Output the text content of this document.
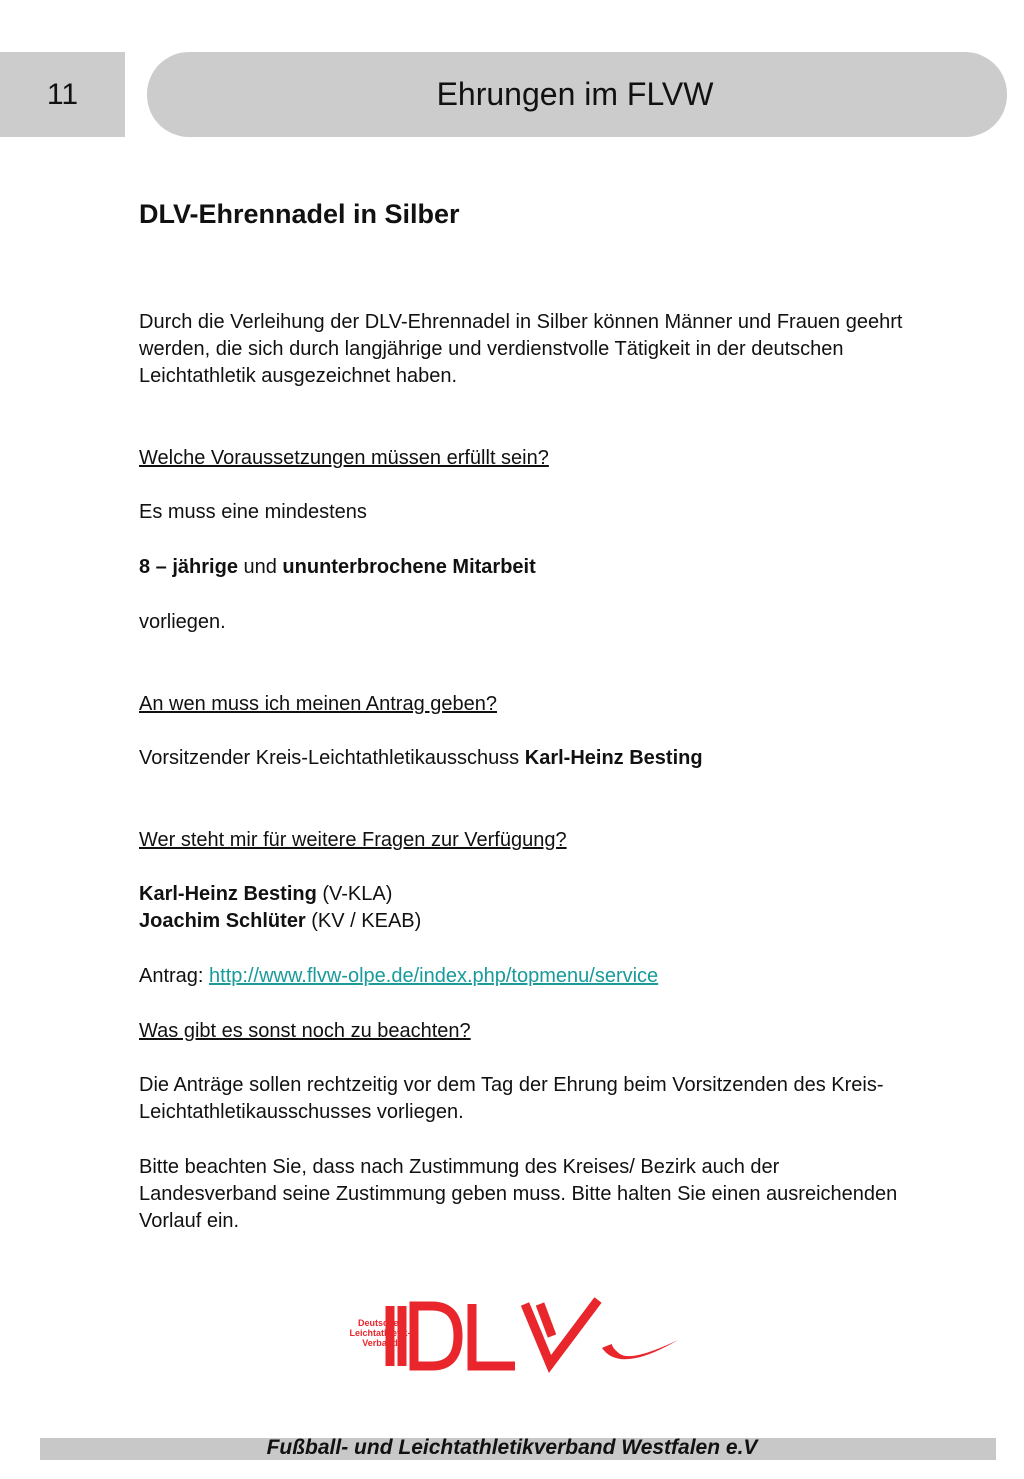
11	Ehrungen im FLVW
DLV-Ehrennadel in Silber
Durch die Verleihung der DLV-Ehrennadel in Silber können Männer und Frauen geehrt
werden, die sich durch langjährige und verdienstvolle Tätigkeit in der deutschen
Leichtathletik ausgezeichnet haben.
Welche Voraussetzungen müssen erfüllt sein?
Es muss eine mindestens
8 – jährige und ununterbrochene Mitarbeit
vorliegen.
An wen muss ich meinen Antrag geben?
Vorsitzender Kreis-Leichtathletikausschuss Karl-Heinz Besting
Wer steht mir für weitere Fragen zur Verfügung?
Karl-Heinz Besting (V-KLA)
Joachim Schlüter (KV / KEAB)
Antrag: http://www.flvw-olpe.de/index.php/topmenu/service
Was gibt es sonst noch zu beachten?
Die Anträge sollen rechtzeitig vor dem Tag der Ehrung beim Vorsitzenden des Kreis-
Leichtathletikausschusses vorliegen.
Bitte beachten Sie, dass nach Zustimmung des Kreises/ Bezirk auch der
Landesverband seine Zustimmung geben muss. Bitte halten Sie einen ausreichenden
Vorlauf ein.
Deutscher
Leichtathletik-
Verband
Fußball- und Leichtathletikverband Westfalen e.V
